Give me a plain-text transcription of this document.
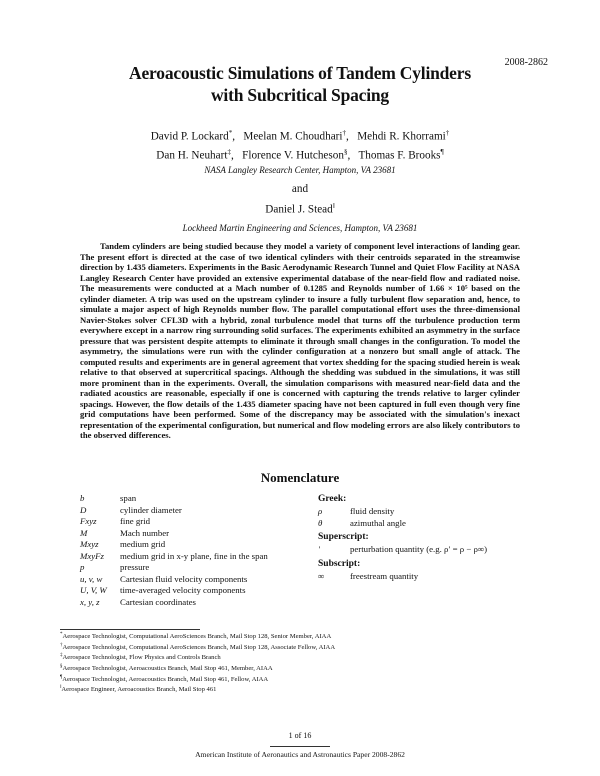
2008-2862
Aeroacoustic Simulations of Tandem Cylinders
with Subcritical Spacing
David P. Lockard*,   Meelan M. Choudhari†,   Mehdi R. Khorrami†
Dan H. Neuhart‡,   Florence V. Hutcheson§,   Thomas F. Brooks¶
NASA Langley Research Center, Hampton, VA 23681
and
Daniel J. Stead‖
Lockheed Martin Engineering and Sciences, Hampton, VA 23681
Tandem cylinders are being studied because they model a variety of component level interactions of landing gear. The present effort is directed at the case of two identical cylinders with their centroids separated in the streamwise direction by 1.435 diameters. Experiments in the Basic Aerodynamic Research Tunnel and Quiet Flow Facility at NASA Langley Research Center have provided an extensive experimental database of the near-field flow and radiated noise. The measurements were conducted at a Mach number of 0.1285 and Reynolds number of 1.66 × 10⁵ based on the cylinder diameter. A trip was used on the upstream cylinder to insure a fully turbulent flow separation and, hence, to simulate a major aspect of high Reynolds number flow. The parallel computational effort uses the three-dimensional Navier-Stokes solver CFL3D with a hybrid, zonal turbulence model that turns off the turbulence production term everywhere except in a narrow ring surrounding solid surfaces. The experiments exhibited an asymmetry in the surface pressure that was persistent despite attempts to eliminate it through small changes in the configuration. To model the asymmetry, the simulations were run with the cylinder configuration at a nonzero but small angle of attack. The computed results and experiments are in general agreement that vortex shedding for the spacing studied herein is weak relative to that observed at supercritical spacings. Although the shedding was subdued in the simulations, it was still more prominent than in the experiments. Overall, the simulation comparisons with measured near-field data and the radiated acoustics are reasonable, especially if one is concerned with capturing the trends relative to larger cylinder spacings. However, the flow details of the 1.435 diameter spacing have not been captured in full even though very fine grid computations have been performed. Some of the discrepancy may be associated with the simulation's inexact representation of the experimental configuration, but numerical and flow modeling errors are also likely contributors to the observed differences.
Nomenclature
b	span
D	cylinder diameter
Fxyz	fine grid
M	Mach number
Mxyz	medium grid
MxyFz	medium grid in x-y plane, fine in the span
p	pressure
u, v, w	Cartesian fluid velocity components
U, V, W	time-averaged velocity components
x, y, z	Cartesian coordinates
Greek:
ρ	fluid density
θ	azimuthal angle
Superscript:
′	perturbation quantity (e.g. ρ′ = ρ − ρ∞)
Subscript:
∞	freestream quantity
*Aerospace Technologist, Computational AeroSciences Branch, Mail Stop 128, Senior Member, AIAA
†Aerospace Technologist, Computational AeroSciences Branch, Mail Stop 128, Associate Fellow, AIAA
‡Aerospace Technologist, Flow Physics and Controls Branch
§Aerospace Technologist, Aeroacoustics Branch, Mail Stop 461, Member, AIAA
¶Aerospace Technologist, Aeroacoustics Branch, Mail Stop 461, Fellow, AIAA
‖Aerospace Engineer, Aeroacoustics Branch, Mail Stop 461
1 of 16
American Institute of Aeronautics and Astronautics Paper 2008-2862
